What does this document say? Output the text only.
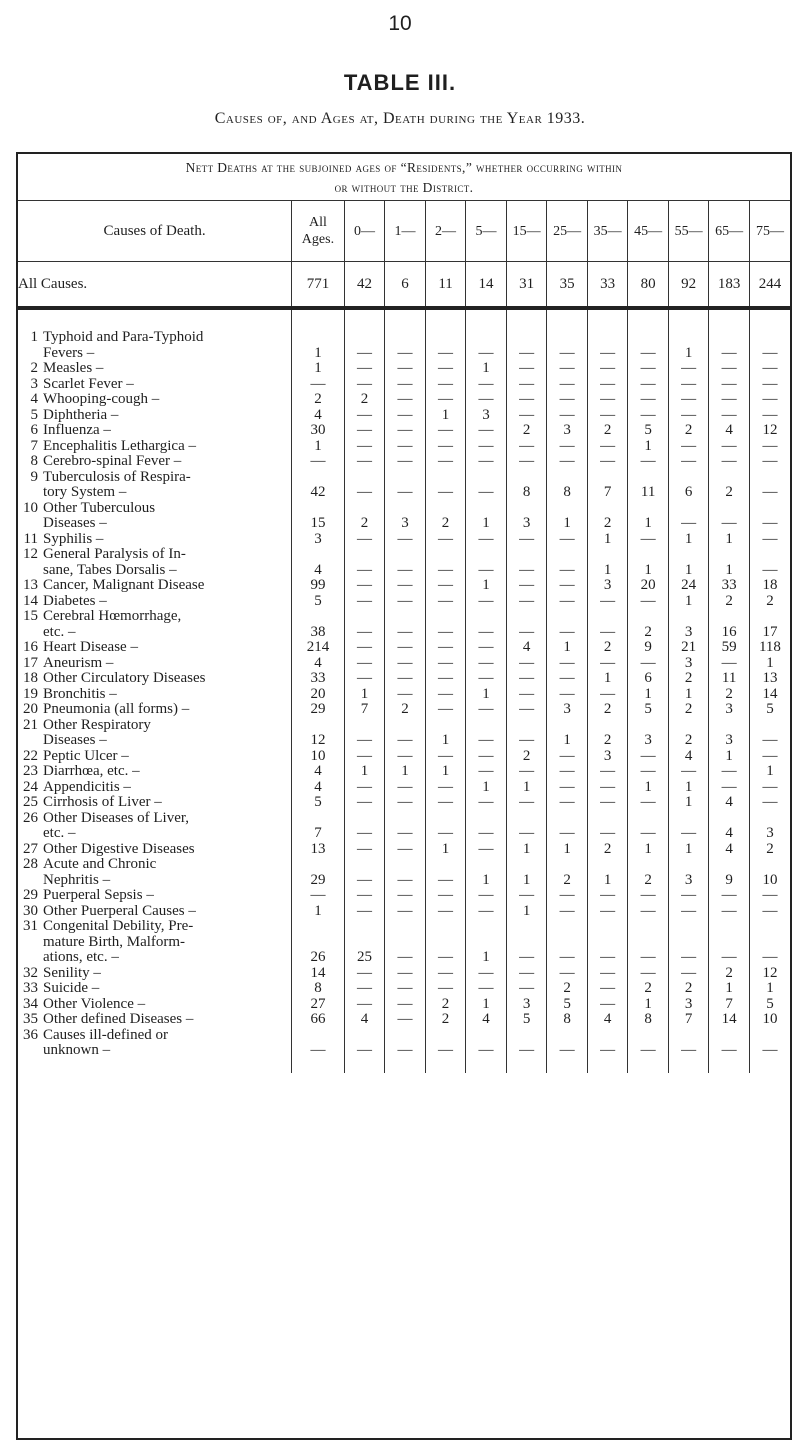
10
TABLE III.
Causes of, and Ages at, Death during the Year 1933.
Nett Deaths at the subjoined ages of “Residents,” whether occurring within
or without the District.
Causes of Death.	All Ages.	0—	1—	2—	5—	15—	25—	35—	45—	55—	65—	75—
All Causes.	771	42	6	11	14	31	35	33	80	92	183	244

1 Typhoid and Para-Typhoid
Fevers –	1	—	—	—	—	—	—	—	—	1	—	—
2 Measles –	1	—	—	—	1	—	—	—	—	—	—	—
3 Scarlet Fever –	—	—	—	—	—	—	—	—	—	—	—	—
4 Whooping-cough –	2	2	—	—	—	—	—	—	—	—	—	—
5 Diphtheria –	4	—	—	1	3	—	—	—	—	—	—	—
6 Influenza –	30	—	—	—	—	2	3	2	5	2	4	12
7 Encephalitis Lethargica –	1	—	—	—	—	—	—	—	1	—	—	—
8 Cerebro-spinal Fever –	—	—	—	—	—	—	—	—	—	—	—	—
9 Tuberculosis of Respira-
tory System –	42	—	—	—	—	8	8	7	11	6	2	—
10 Other Tuberculous
Diseases –	15	2	3	2	1	3	1	2	1	—	—	—
11 Syphilis –	3	—	—	—	—	—	—	1	—	1	1	—
12 General Paralysis of In-
sane, Tabes Dorsalis –	4	—	—	—	—	—	—	1	1	1	1	—
13 Cancer, Malignant Disease	99	—	—	—	1	—	—	3	20	24	33	18
14 Diabetes –	5	—	—	—	—	—	—	—	—	1	2	2
15 Cerebral Hœmorrhage,
etc. –	38	—	—	—	—	—	—	—	2	3	16	17
16 Heart Disease –	214	—	—	—	—	4	1	2	9	21	59	118
17 Aneurism –	4	—	—	—	—	—	—	—	—	3	—	1
18 Other Circulatory Diseases	33	—	—	—	—	—	—	1	6	2	11	13
19 Bronchitis –	20	1	—	—	1	—	—	—	1	1	2	14
20 Pneumonia (all forms) –	29	7	2	—	—	—	3	2	5	2	3	5
21 Other Respiratory
Diseases –	12	—	—	1	—	—	1	2	3	2	3	—
22 Peptic Ulcer –	10	—	—	—	—	2	—	3	—	4	1	—
23 Diarrhœa, etc. –	4	1	1	1	—	—	—	—	—	—	—	1
24 Appendicitis –	4	—	—	—	1	1	—	—	1	1	—	—
25 Cirrhosis of Liver –	5	—	—	—	—	—	—	—	—	1	4	—
26 Other Diseases of Liver,
etc. –	7	—	—	—	—	—	—	—	—	—	4	3
27 Other Digestive Diseases	13	—	—	1	—	1	1	2	1	1	4	2
28 Acute and Chronic
Nephritis –	29	—	—	—	1	1	2	1	2	3	9	10
29 Puerperal Sepsis –	—	—	—	—	—	—	—	—	—	—	—	—
30 Other Puerperal Causes –	1	—	—	—	—	1	—	—	—	—	—	—
31 Congenital Debility, Pre-
mature Birth, Malform-
ations, etc. –	26	25	—	—	1	—	—	—	—	—	—	—
32 Senility –	14	—	—	—	—	—	—	—	—	—	2	12
33 Suicide –	8	—	—	—	—	—	2	—	2	2	1	1
34 Other Violence –	27	—	—	2	1	3	5	—	1	3	7	5
35 Other defined Diseases –	66	4	—	2	4	5	8	4	8	7	14	10
36 Causes ill-defined or
unknown –	—	—	—	—	—	—	—	—	—	—	—	—
